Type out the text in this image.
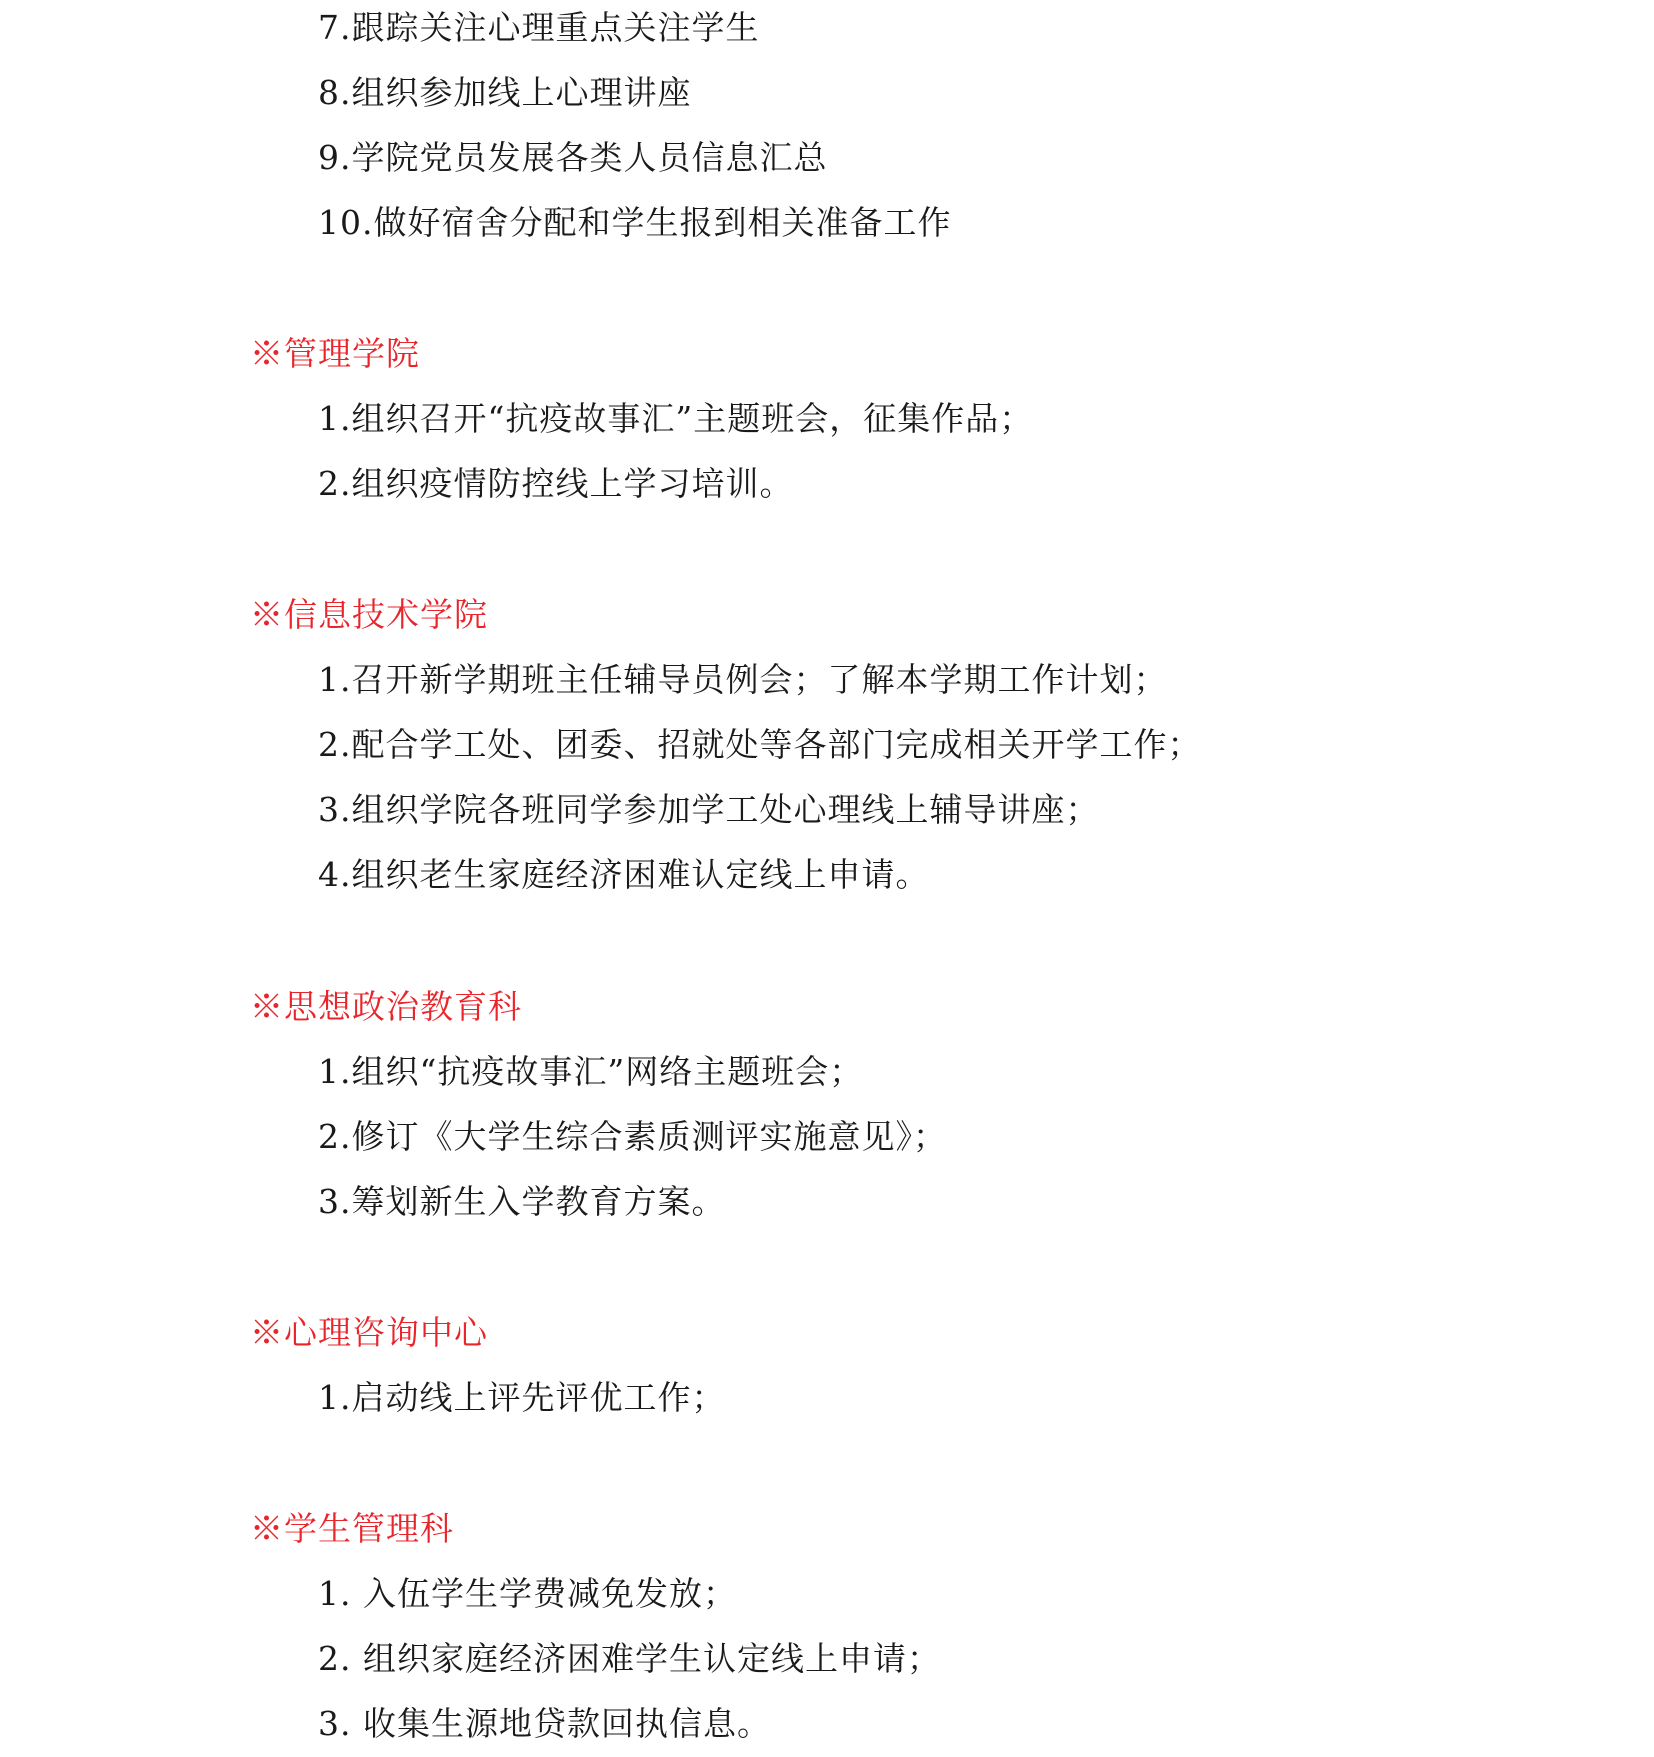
7.跟踪关注心理重点关注学生
8.组织参加线上心理讲座
9.学院党员发展各类人员信息汇总
10.做好宿舍分配和学生报到相关准备工作
※管理学院
1.组织召开“抗疫故事汇”主题班会，征集作品；
2.组织疫情防控线上学习培训。
※信息技术学院
1.召开新学期班主任辅导员例会；了解本学期工作计划；
2.配合学工处、团委、招就处等各部门完成相关开学工作；
3.组织学院各班同学参加学工处心理线上辅导讲座；
4.组织老生家庭经济困难认定线上申请。
※思想政治教育科
1.组织“抗疫故事汇”网络主题班会；
2.修订《大学生综合素质测评实施意见》；
3.筹划新生入学教育方案。
※心理咨询中心
1.启动线上评先评优工作；
※学生管理科
1. 入伍学生学费减免发放；
2. 组织家庭经济困难学生认定线上申请；
3. 收集生源地贷款回执信息。
